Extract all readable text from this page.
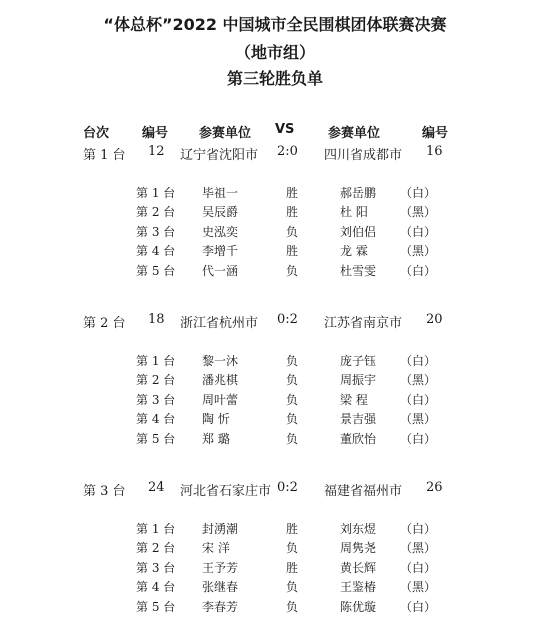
“体总杯”2022 中国城市全民围棋团体联赛决赛
（地市组）
第三轮胜负单
台次	编号 参赛单位 VS	参赛单位	编号
第 1 台 12 辽宁省沈阳市 2:0 四川省成都市 16
第 1 台 毕祖一	胜	郝岳鹏 （白）
第 2 台 吴辰爵	胜	杜 阳	（黑）
第 3 台 史泓奕	负	刘伯侣 （白）
第 4 台 李增千	胜	龙 霖	（黑）
第 5 台 代一涵	负	杜雪雯 （白）
第 2 台 18 浙江省杭州市 0:2 江苏省南京市 20
第 1 台 黎一沐	负	庞子钰 （白）
第 2 台 潘兆棋	负	周振宇 （黑）
第 3 台 周叶蕾	负	梁 程	（白）
第 4 台 陶 忻	负	景吉强 （黑）
第 5 台 郑 璐	负	董欣怡 （白）
第 3 台 24 河北省石家庄市 0:2 福建省福州市 26
第 1 台 封湧潮	胜	刘东煜 （白）
第 2 台 宋 洋	负	周隽尧 （黑）
第 3 台 王予芳	胜	黄长辉 （白）
第 4 台 张继春	负	王鉴椿 （黑）
第 5 台 李春芳	负	陈优璇 （白）
